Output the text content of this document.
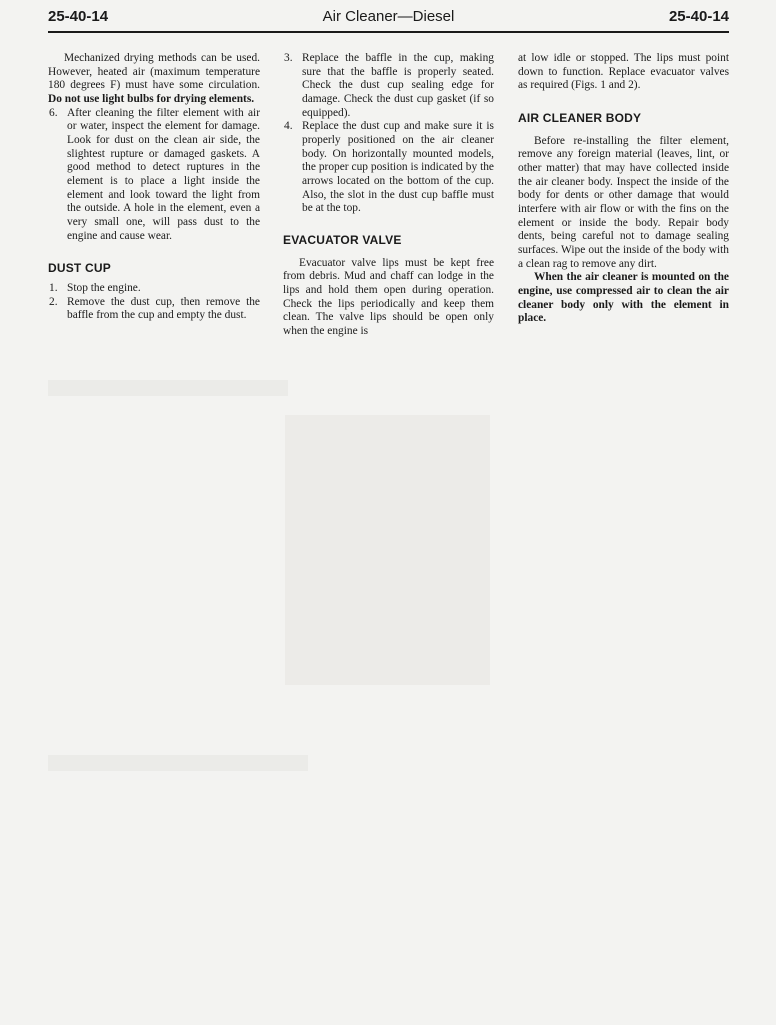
25-40-14	Air Cleaner—Diesel	25-40-14

Mechanized drying methods can be used. However, heated air (maximum temperature 180 degrees F) must have some circulation. Do not use light bulbs for drying elements.

6. After cleaning the filter element with air or water, inspect the element for damage. Look for dust on the clean air side, the slightest rupture or damaged gaskets. A good method to detect ruptures in the element is to place a light inside the element and look toward the light from the outside. A hole in the element, even a very small one, will pass dust to the engine and cause wear.
DUST CUP
1. Stop the engine.
2. Remove the dust cup, then remove the baffle from the cup and empty the dust.
3. Replace the baffle in the cup, making sure that the baffle is properly seated. Check the dust cup sealing edge for damage. Check the dust cup gasket (if so equipped).
4. Replace the dust cup and make sure it is properly positioned on the air cleaner body. On horizontally mounted models, the proper cup position is indicated by the arrows located on the bottom of the cup. Also, the slot in the dust cup baffle must be at the top.
EVACUATOR VALVE

Evacuator valve lips must be kept free from debris. Mud and chaff can lodge in the lips and hold them open during operation. Check the lips periodically and keep them clean. The valve lips should be open only when the engine is

at low idle or stopped. The lips must point down to function. Replace evacuator valves as required (Figs. 1 and 2).

AIR CLEANER BODY

Before re-installing the filter element, remove any foreign material (leaves, lint, or other matter) that may have collected inside the air cleaner body. Inspect the inside of the body for dents or other damage that would interfere with air flow or with the fins on the element or inside the body. Repair body dents, being careful not to damage sealing surfaces. Wipe out the inside of the body with a clean rag to remove any dirt.

When the air cleaner is mounted on the engine, use compressed air to clean the air cleaner body only with the element in place.
